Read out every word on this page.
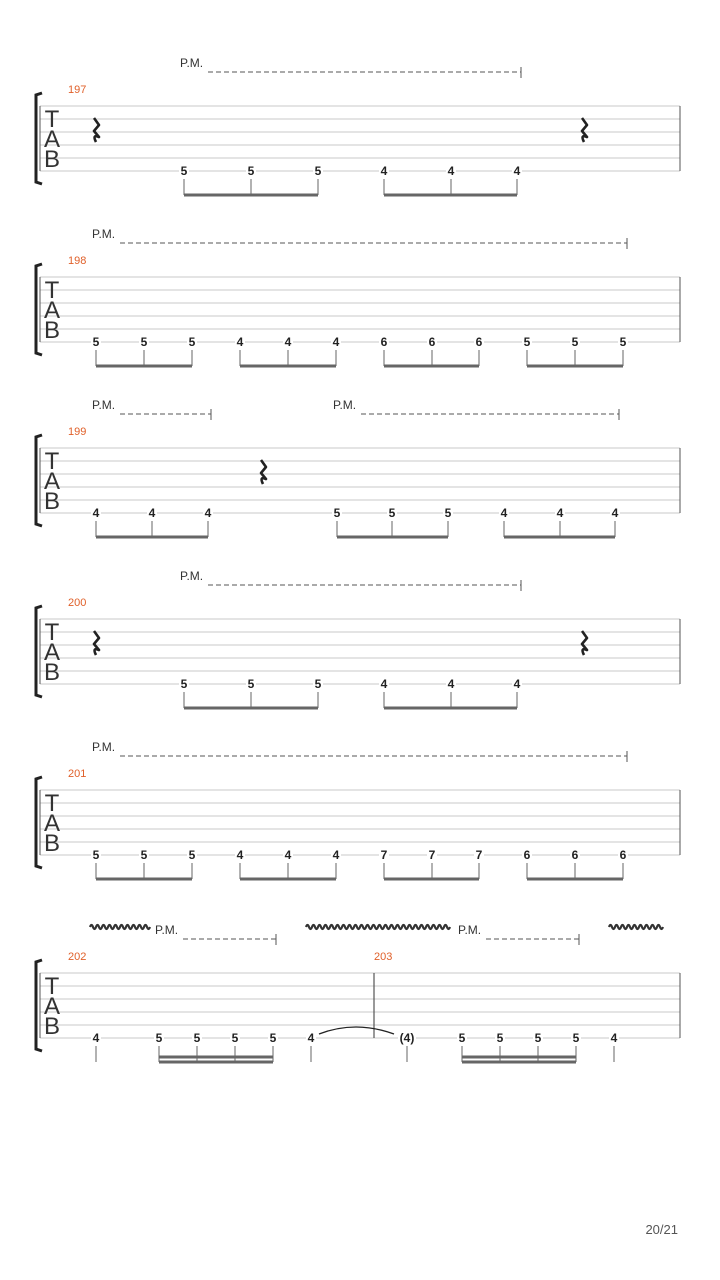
T
A
B
197
P.M.
5	5	5	4	4	4
T
A
B
198
P.M.
5	5	5	4	4	4	6	6	6	5	5	5
T
A
B
199
P.M.	P.M.
4	4	4	5	5	5	4	4	4
T
A
B
200
P.M.
5	5	5	4	4	4
T
A
B
201
P.M.
5	5	5	4	4	4	7	7	7	6	6	6
T
A
B
202	203
P.M.	P.M.
4	5	5	5	5	4	(4)	5	5	5	5	4
20/21
